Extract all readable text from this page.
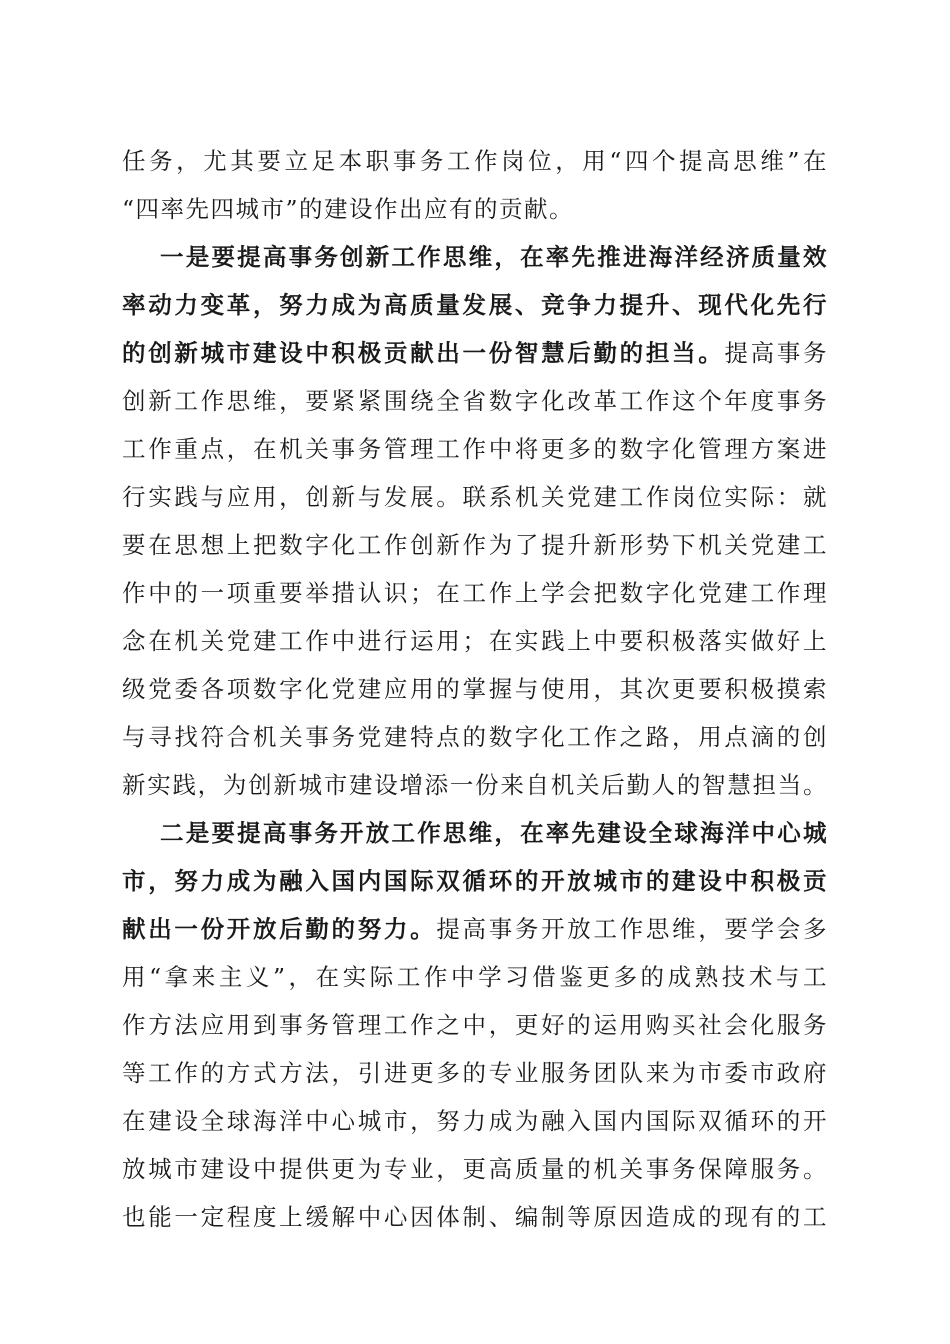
任务，尤其要立足本职事务工作岗位，用“四个提高思维”在
“四率先四城市”的建设作出应有的贡献。
一是要提高事务创新工作思维，在率先推进海洋经济质量效
率动力变革，努力成为高质量发展、竞争力提升、现代化先行
的创新城市建设中积极贡献出一份智慧后勤的担当。提高事务
创新工作思维，要紧紧围绕全省数字化改革工作这个年度事务
工作重点，在机关事务管理工作中将更多的数字化管理方案进
行实践与应用，创新与发展。联系机关党建工作岗位实际：就
要在思想上把数字化工作创新作为了提升新形势下机关党建工
作中的一项重要举措认识；在工作上学会把数字化党建工作理
念在机关党建工作中进行运用；在实践上中要积极落实做好上
级党委各项数字化党建应用的掌握与使用，其次更要积极摸索
与寻找符合机关事务党建特点的数字化工作之路，用点滴的创
新实践，为创新城市建设增添一份来自机关后勤人的智慧担当。
二是要提高事务开放工作思维，在率先建设全球海洋中心城
市，努力成为融入国内国际双循环的开放城市的建设中积极贡
献出一份开放后勤的努力。提高事务开放工作思维，要学会多
用“拿来主义”，在实际工作中学习借鉴更多的成熟技术与工
作方法应用到事务管理工作之中，更好的运用购买社会化服务
等工作的方式方法，引进更多的专业服务团队来为市委市政府
在建设全球海洋中心城市，努力成为融入国内国际双循环的开
放城市建设中提供更为专业，更高质量的机关事务保障服务。
也能一定程度上缓解中心因体制、编制等原因造成的现有的工
